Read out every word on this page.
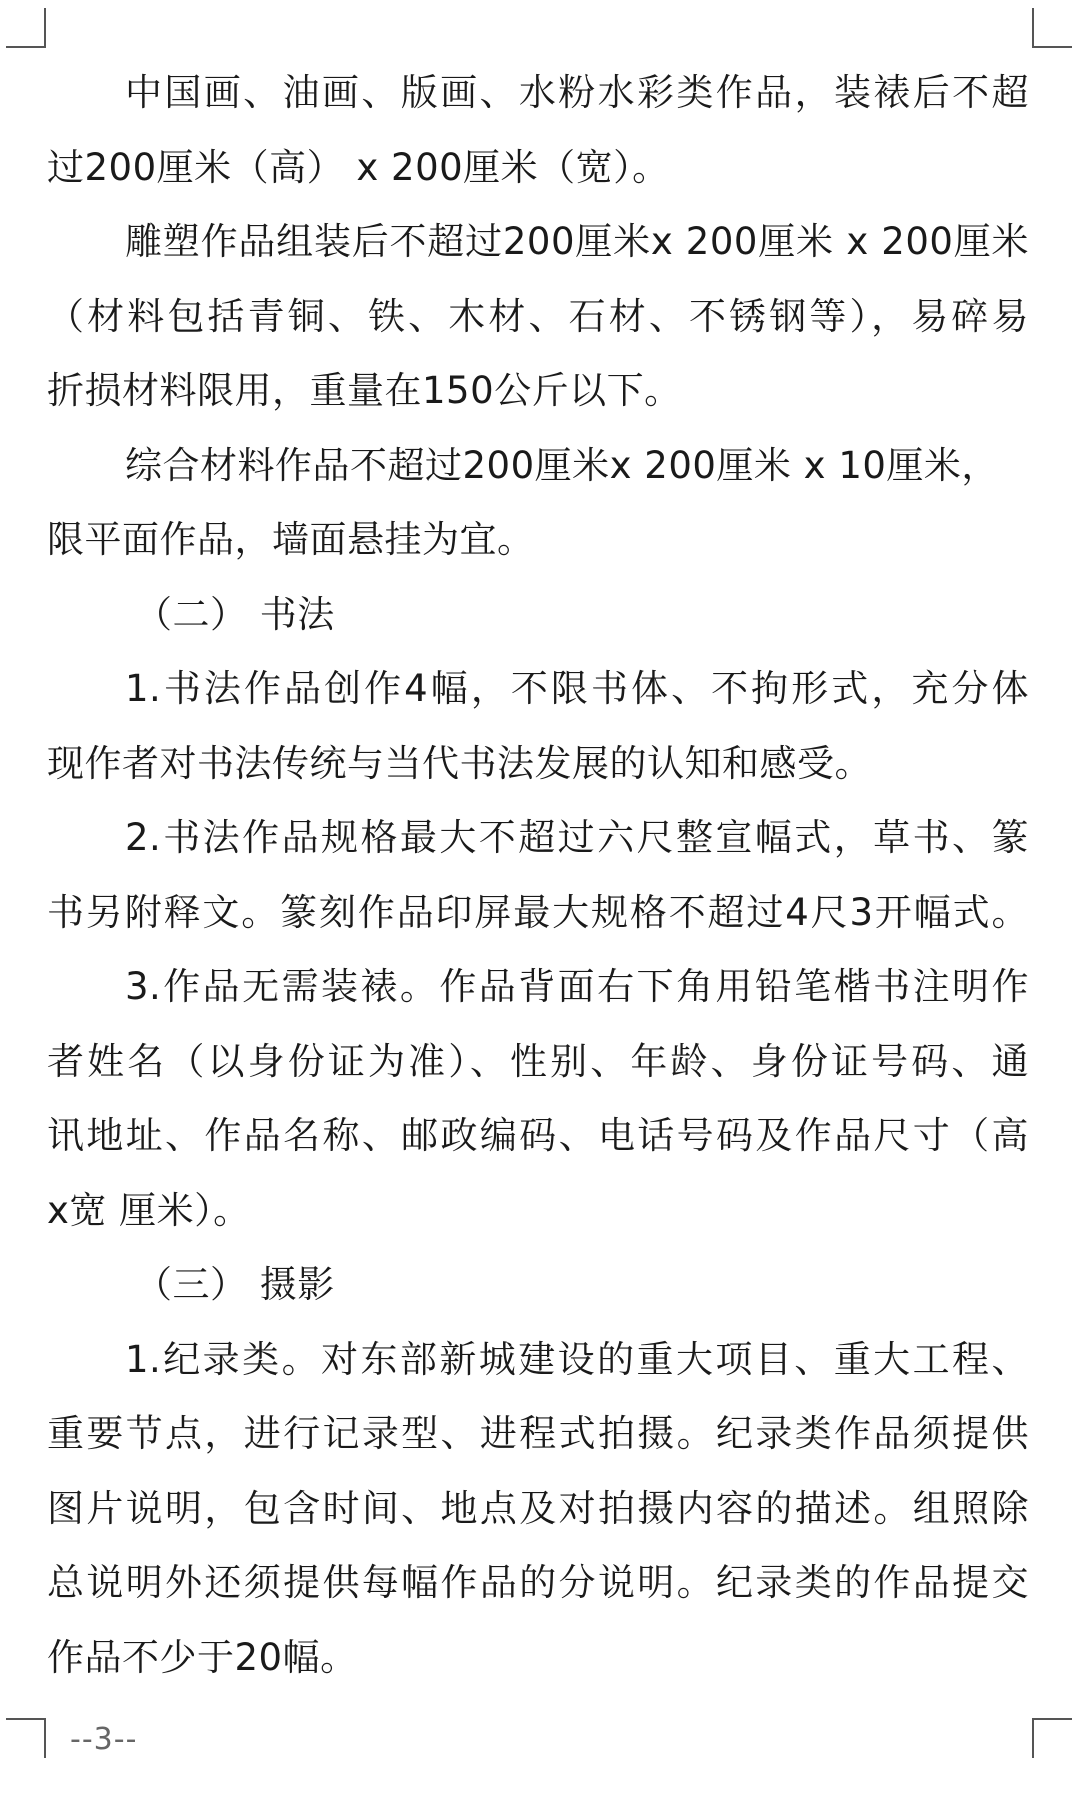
中国画、油画、版画、水粉水彩类作品，装裱后不超
过200厘米（高） x 200厘米（宽）。
雕塑作品组装后不超过200厘米x 200厘米 x 200厘米
（材料包括青铜、铁、木材、石材、不锈钢等），易碎易
折损材料限用，重量在150公斤以下。
综合材料作品不超过200厘米x 200厘米 x 10厘米，
限平面作品，墙面悬挂为宜。
（二） 书法
1.书法作品创作4幅，不限书体、不拘形式，充分体
现作者对书法传统与当代书法发展的认知和感受。
2.书法作品规格最大不超过六尺整宣幅式，草书、篆
书另附释文。篆刻作品印屏最大规格不超过4尺3开幅式。
3.作品无需装裱。作品背面右下角用铅笔楷书注明作
者姓名（以身份证为准）、性别、年龄、身份证号码、通
讯地址、作品名称、邮政编码、电话号码及作品尺寸（高
x宽 厘米）。
（三） 摄影
1.纪录类。对东部新城建设的重大项目、重大工程、
重要节点，进行记录型、进程式拍摄。纪录类作品须提供
图片说明，包含时间、地点及对拍摄内容的描述。组照除
总说明外还须提供每幅作品的分说明。纪录类的作品提交
作品不少于20幅。
--3--
